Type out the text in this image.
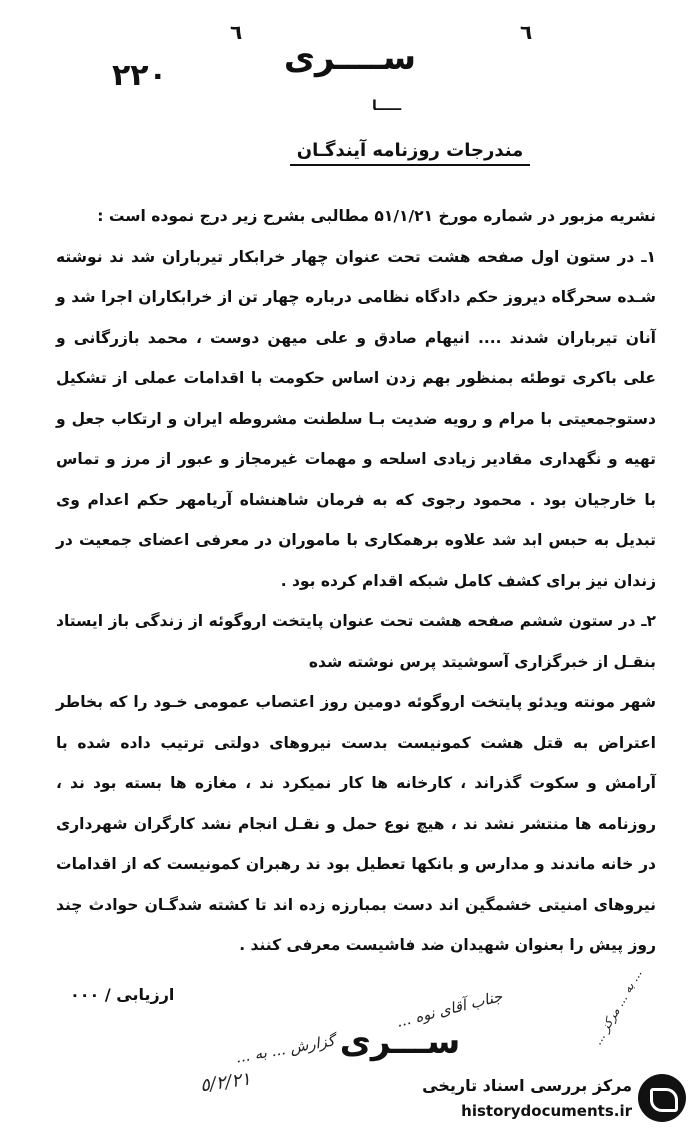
٦	٦
٢٢٠	ســــری
ـــــا
مندرجات روزنامه آیندگـان

نشریه مزبور در شماره مورخ ۵۱/۱/۲۱ مطالبی بشرح زیر درج نموده است :

۱ـ در ستون اول صفحه هشت تحت عنوان چهار خرابکار تیرباران شد ند نوشته شـده سحرگاه دیروز حکم دادگاه نظامی درباره چهار تن از خرابکاران اجرا شد و آنان تیرباران شدند .... انیهام صادق و علی میهن دوست ، محمد بازرگانی و علی باکری توطئه بمنظور بهم زدن اساس حکومت با اقدامات عملی از تشکیل دستوجمعیتی با مرام و رویه ضدیت بـا سلطنت مشروطه ایران و ارتکاب جعل و تهیه و نگهداری مقادیر زیادی اسلحه و مهمات غیرمجاز و عبور از مرز و تماس با خارجیان بود . محمود رجوی که به فرمان شاهنشاه آریامهر حکم اعدام وی تبدیل به حبس ابد شد علاوه برهمکاری با ماموران در معرفی اعضای جمعیت در زندان نیز برای کشف کامل شبکه اقدام کرده بود .

۲ـ در ستون ششم صفحه هشت تحت عنوان پایتخت اروگوئه از زندگی باز ایستاد بنقـل از خبرگزاری آسوشیتد پرس نوشته شده

شهر مونته ویدئو پایتخت اروگوئه دومین روز اعتصاب عمومی خـود را که بخاطر اعتراض به قتل هشت کمونیست بدست نیروهای دولتی ترتیب داده شده با آرامش و سکوت گذراند ، کارخانه ها کار نمیکرد ند ، مغازه ها بسته بود ند ، روزنامه ها منتشر نشد ند ، هیچ نوع حمل و نقـل انجام نشد کارگران شهرداری در خانه ماندند و مدارس و بانکها تعطیل بود ند رهبران کمونیست که از اقدامات نیروهای امنیتی خشمگین اند دست بمبارزه زده اند تا کشته شدگـان حوادث چند روز پیش را بعنوان شهیدان ضد فاشیست معرفی کنند .

ارزیابی / ۰۰۰	جناب آقای نوه ...
گزارش ... به ...
... به ... مرکز ...
٥/٢/٢١
ســـری
مرکز بررسی اسناد تاریخی
historydocuments.ir
